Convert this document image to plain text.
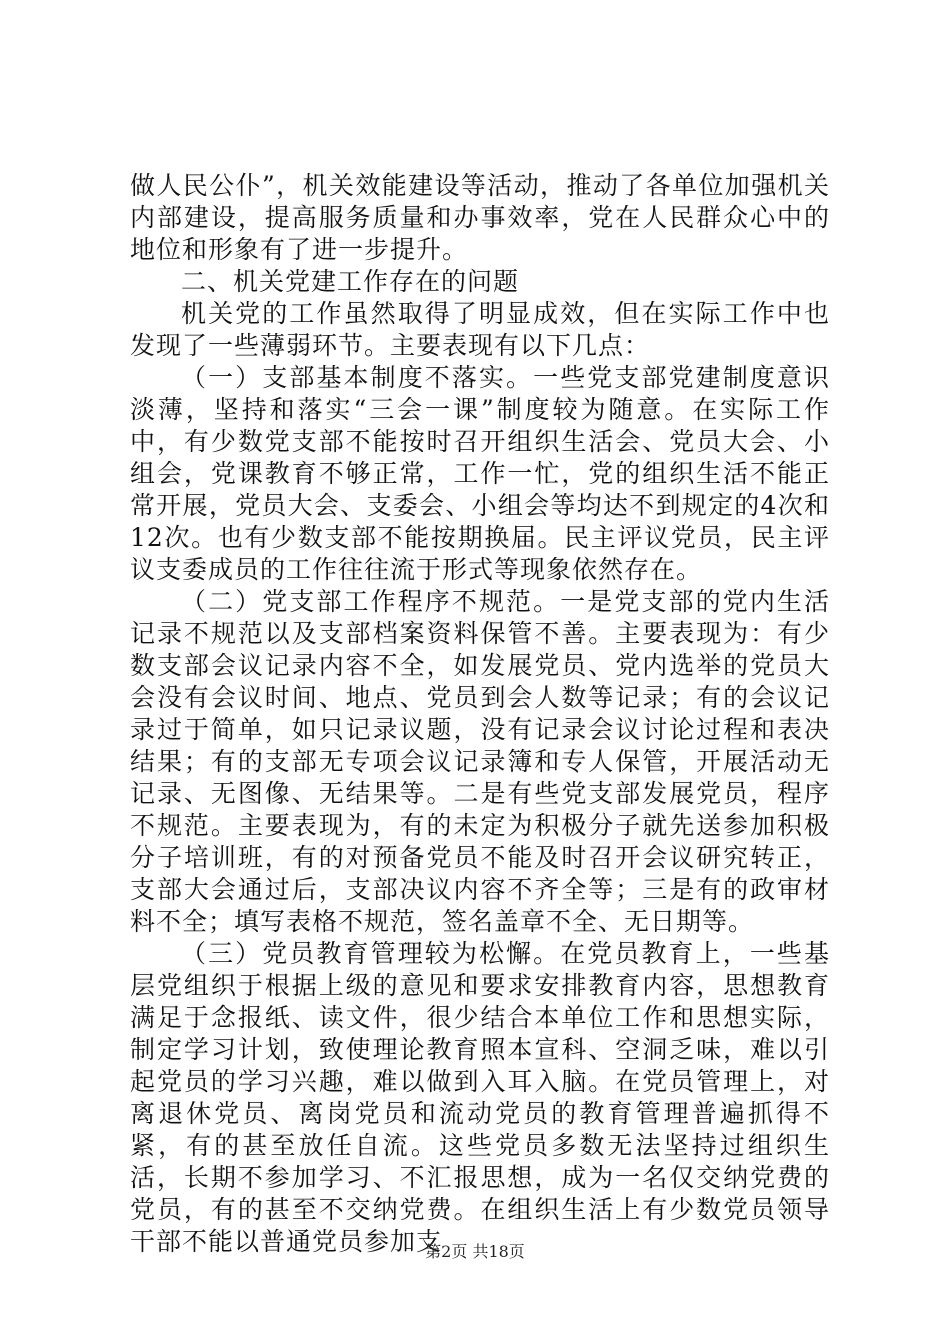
做人民公仆”，机关效能建设等活动，推动了各单位加强机关内部建设，提高服务质量和办事效率，党在人民群众心中的地位和形象有了进一步提升。

二、机关党建工作存在的问题

机关党的工作虽然取得了明显成效，但在实际工作中也发现了一些薄弱环节。主要表现有以下几点：

（一）支部基本制度不落实。一些党支部党建制度意识淡薄，坚持和落实“三会一课”制度较为随意。在实际工作中，有少数党支部不能按时召开组织生活会、党员大会、小组会，党课教育不够正常，工作一忙，党的组织生活不能正常开展，党员大会、支委会、小组会等均达不到规定的4次和12次。也有少数支部不能按期换届。民主评议党员，民主评议支委成员的工作往往流于形式等现象依然存在。

（二）党支部工作程序不规范。一是党支部的党内生活记录不规范以及支部档案资料保管不善。主要表现为：有少数支部会议记录内容不全，如发展党员、党内选举的党员大会没有会议时间、地点、党员到会人数等记录；有的会议记录过于简单，如只记录议题，没有记录会议讨论过程和表决结果；有的支部无专项会议记录簿和专人保管，开展活动无记录、无图像、无结果等。二是有些党支部发展党员，程序不规范。主要表现为，有的未定为积极分子就先送参加积极分子培训班，有的对预备党员不能及时召开会议研究转正，支部大会通过后，支部决议内容不齐全等；三是有的政审材料不全；填写表格不规范，签名盖章不全、无日期等。

（三）党员教育管理较为松懈。在党员教育上，一些基层党组织于根据上级的意见和要求安排教育内容，思想教育满足于念报纸、读文件，很少结合本单位工作和思想实际，制定学习计划，致使理论教育照本宣科、空洞乏味，难以引起党员的学习兴趣，难以做到入耳入脑。在党员管理上，对离退休党员、离岗党员和流动党员的教育管理普遍抓得不紧，有的甚至放任自流。这些党员多数无法坚持过组织生活，长期不参加学习、不汇报思想，成为一名仅交纳党费的党员，有的甚至不交纳党费。在组织生活上有少数党员领导干部不能以普通党员参加支

第2页 共18页
